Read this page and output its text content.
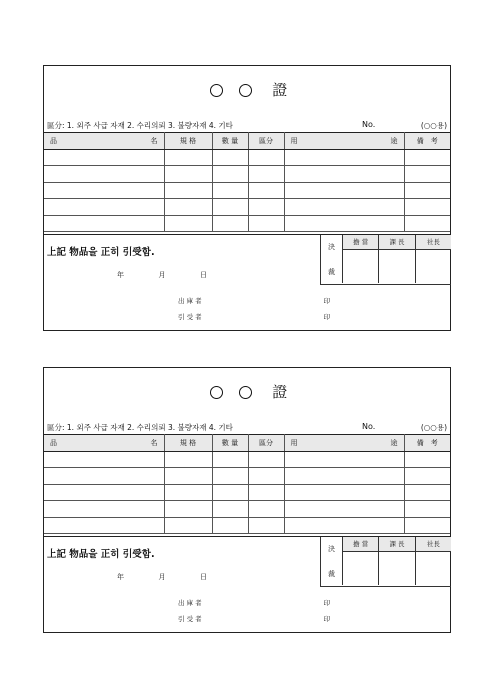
證
區分: 1. 외주 사급 자재 2. 수리의뢰 3. 불량자재 4. 기타	No.	(○○용)
品 名	規 格	數 量	區分	用 途	備　考

上記 物品을 正히 引受함.
年	月	日
出 庫 者	印
引 受 者	印
決
裁
擔 當	課 長	社長
證
區分: 1. 외주 사급 자재 2. 수리의뢰 3. 불량자재 4. 기타	No.	(○○용)
品 名	規 格	數 量	區分	用 途	備　考

上記 物品을 正히 引受함.
年	月	日
出 庫 者	印
引 受 者	印
決
裁
擔 當	課 長	社長
